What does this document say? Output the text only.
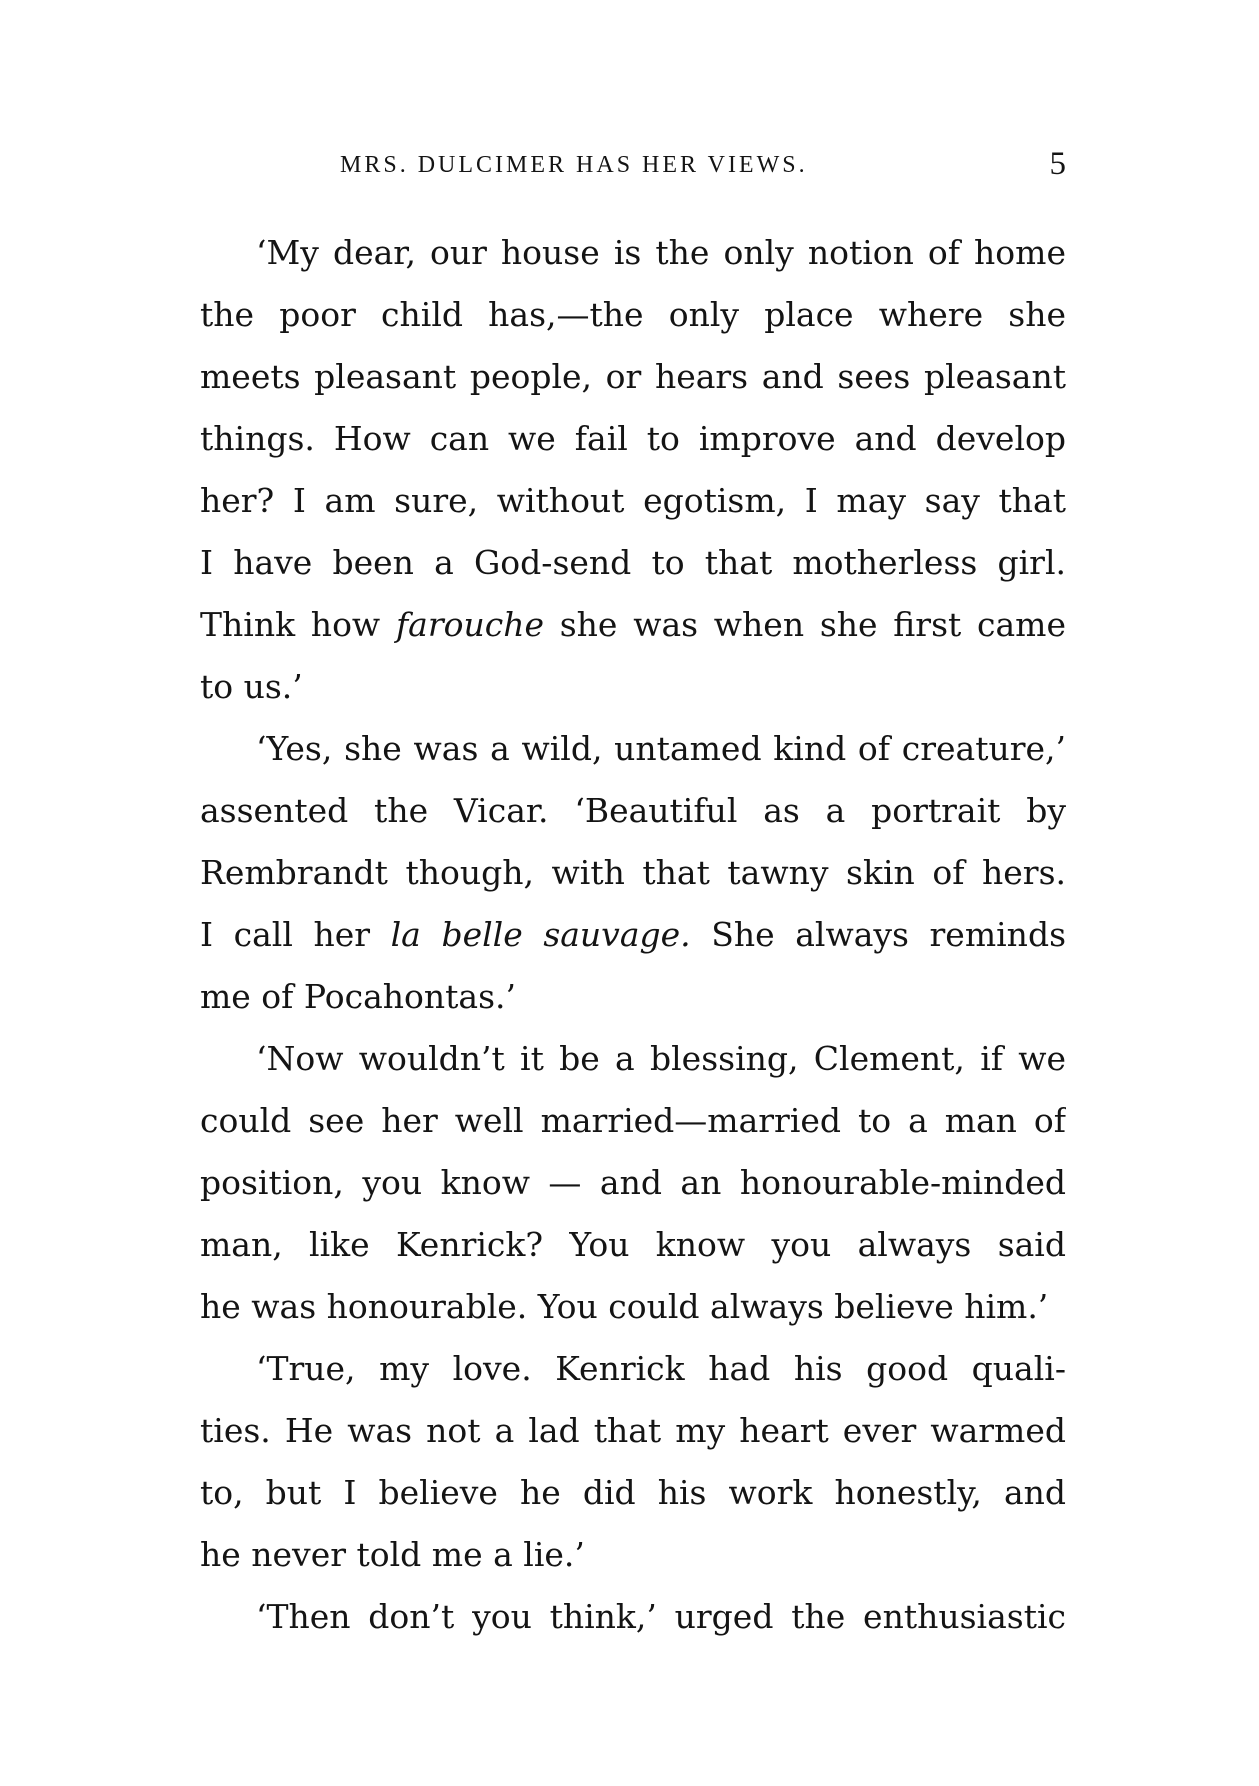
MRS. DULCIMER HAS HER VIEWS.	5
‘My dear, our house is the only notion of home
the poor child has,—the only place where she
meets pleasant people, or hears and sees pleasant
things. How can we fail to improve and develop
her? I am sure, without egotism, I may say that
I have been a God-send to that motherless girl.
Think how farouche she was when she first came
to us.’
‘Yes, she was a wild, untamed kind of creature,’
assented the Vicar. ‘Beautiful as a portrait by
Rembrandt though, with that tawny skin of hers.
I call her la belle sauvage. She always reminds
me of Pocahontas.’
‘Now wouldn’t it be a blessing, Clement, if we
could see her well married—married to a man of
position, you know — and an honourable-minded
man, like Kenrick? You know you always said
he was honourable. You could always believe him.’
‘True, my love. Kenrick had his good quali-
ties. He was not a lad that my heart ever warmed
to, but I believe he did his work honestly, and
he never told me a lie.’
‘Then don’t you think,’ urged the enthusiastic
